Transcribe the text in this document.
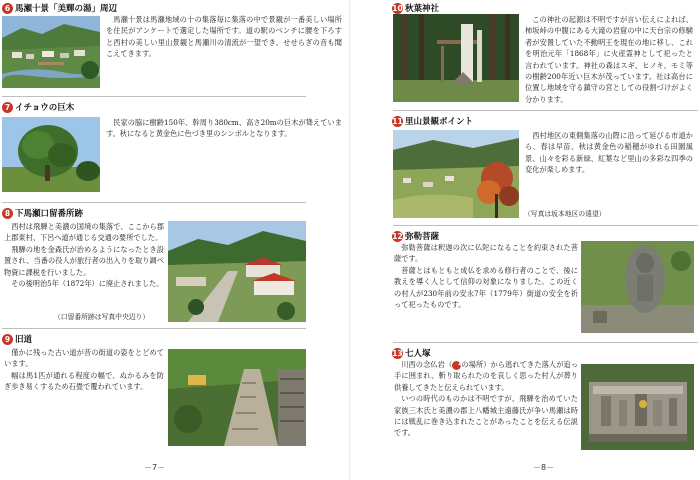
6 馬瀬十景「美輝の湯」周辺

馬瀬十景は馬瀬地域の十の集落毎に集落の中で景観が一番美しい場所を住民がアンケートで選定した場所です。道の駅のベンチに腰を下ろすと西村の美しい里山景観と馬瀬川の清流が一望でき、せせらぎの音も聞こえてきます。

7 イチョウの巨木

民家の脇に樹齢150年、幹周り380cm、高さ20mの巨木が聳えています。秋になると黄金色に色づき里のシンボルとなります。

8 下馬瀬口留番所跡

西村は飛騨と美濃の国境の集落で、ここから郡上郡東村、下呂へ道が通じる交通の要所でした。

飛騨の地を金森氏が治めるようになったとき設置され、当番の役人が旅行者の出入りを取り調べ物資に課税を行いました。

その後明治5年（1872年）に廃止されました。

（口留番所跡は写真中央辺り）
9 旧道

僅かに残った古い道が昔の街道の姿をとどめています。

幅は馬1匹が通れる程度の幅で、ぬかるみを防ぎ歩き易くするため石畳で覆われています。

－7－
10 秋葉神社

この神社の起源は不明ですが言い伝えによれば、柿坂峠の中腹にある大滝の岩窟の中に天台宗の修験者が安置していた不動明王を現在の地に移し、これを明治元年「1868年」に火産霊神として祀ったと言われています。神社の森はスギ、ヒノキ、モミ等の樹齢200年近い巨木が茂っています。社は高台に位置し地域を守る鎮守の宮としての役割づけがよく分かります。

11 里山景観ポイント

西村地区の東側集落の山際に沿って延びる市道から、春は早苗、秋は黄金色の稲穂がゆれる田園風景、山々を彩る新緑、紅葉など里山の多彩な四季の変化が楽しめます。

（写真は坂本地区の遠望）
12 弥勒菩薩

弥勒菩薩は釈迦の次に仏陀になることを約束された菩薩です。

菩薩とはもともと成仏を求める修行者のことで、後に教えを導く人として信仰の対象になりました。この近くの村人が230年前の安永7年（1779年）街道の安全を祈って祀ったものです。

13 七人塚

川西の念仏岩（ 4の場所）から逃れてきた落人が追っ手に囲まれ、斬り取られたのを哀しく思った村人が葬り供養してきたと伝えられています。

いつの時代のものかは不明ですが、飛騨を治めていた家族三木氏と美濃の郡上八幡城主遠藤氏が争い馬瀬は時には戦乱に巻き込まれたことがあったことを伝える伝説です。

－8－
